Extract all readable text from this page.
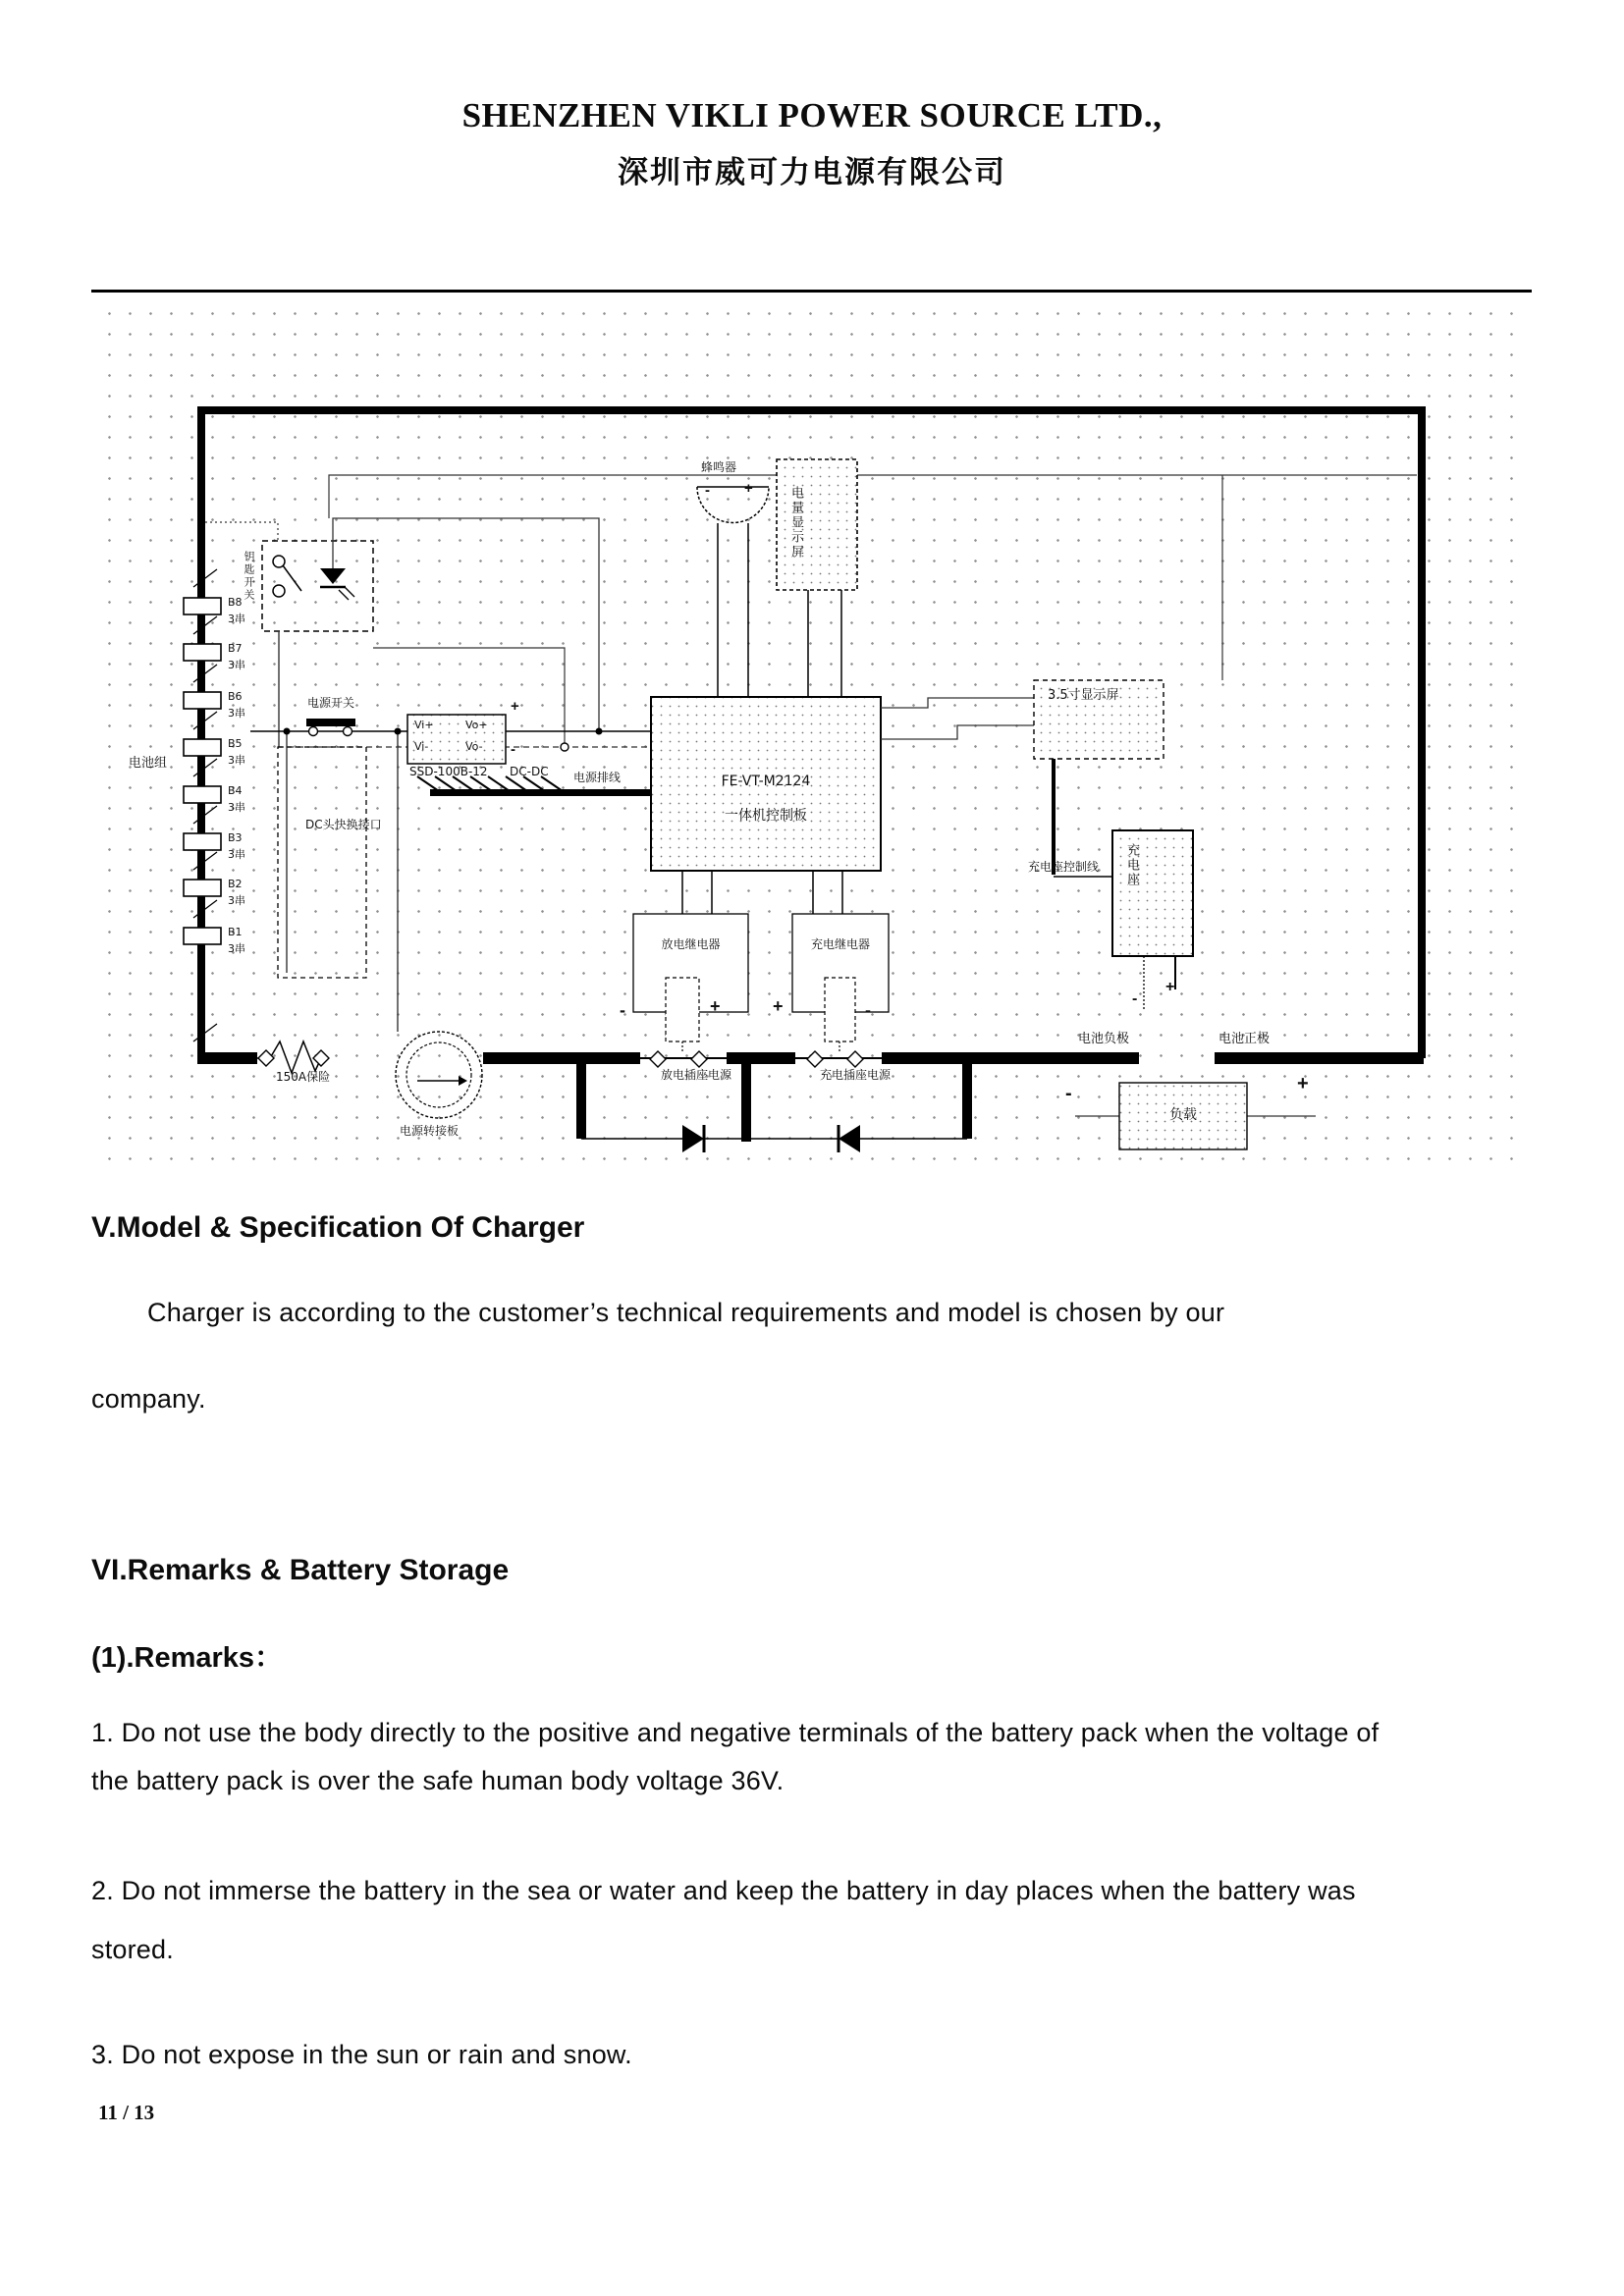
SHENZHEN VIKLI POWER SOURCE LTD.,
深圳市威可力电源有限公司
电池组
B8
3串
B7
3串
B6
3串
B5
3串
B4
3串
B3
3串
B2
3串
B1
3串
钥匙开关
电源开关
DC头快换接口
Vi+	Vo+
Vi-	Vo-
SSD-100B-12 DC-DC
+
-
电源排线
蜂鸣器
- +	电量显示屏
FE-VT-M2124
一体机控制板
3.5寸显示屏
充电座控制线 充电座
-
+
电池负极	电池正极
负载
-	+
150A保险
电源转接板
放电继电器	充电继电器
-	+	+	-
放电插座电源	充电插座电源
V.Model & Specification Of Charger
Charger is according to the customer’s technical requirements and model is chosen by our
company.
VI.Remarks & Battery Storage
(1).Remarks：
1. Do not use the body directly to the positive and negative terminals of the battery pack when the voltage of
the battery pack is over the safe human body voltage 36V.
2. Do not immerse the battery in the sea or water and keep the battery in day places when the battery was
stored.
3. Do not expose in the sun or rain and snow.
11 / 13
